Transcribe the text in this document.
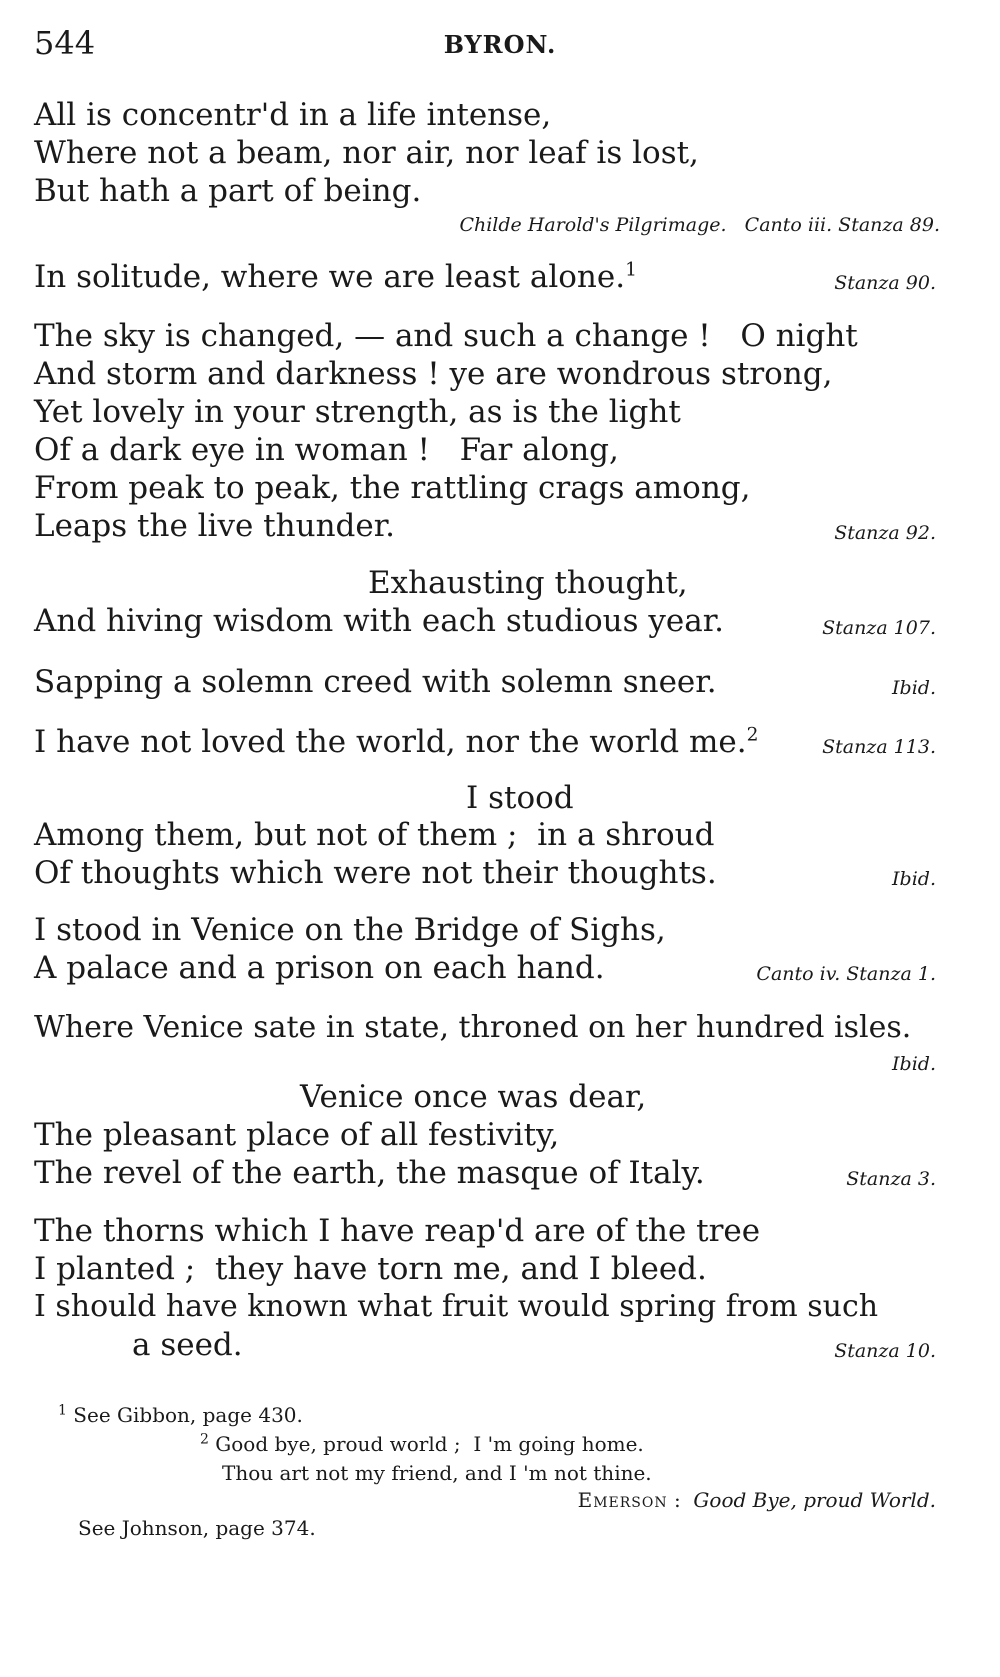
544	BYRON.
All is concentr'd in a life intense,
Where not a beam, nor air, nor leaf is lost,
But hath a part of being.
Childe Harold's Pilgrimage.   Canto iii. Stanza 89.
In solitude, where we are least alone.$^1$
Stanza 90.
The sky is changed, — and such a change !   O night
And storm and darkness ! ye are wondrous strong,
Yet lovely in your strength, as is the light
Of a dark eye in woman !   Far along,
From peak to peak, the rattling crags among,
Leaps the live thunder.	Stanza 92.
Exhausting thought,
And hiving wisdom with each studious year.	Stanza 107.
Sapping a solemn creed with solemn sneer.	Ibid.
I have not loved the world, nor the world me.$^2$
Stanza 113.
I stood
Among them, but not of them ;  in a shroud
Of thoughts which were not their thoughts.	Ibid.
I stood in Venice on the Bridge of Sighs,
A palace and a prison on each hand.	Canto iv. Stanza 1.
Where Venice sate in state, throned on her hundred isles.
Ibid.
Venice once was dear,
The pleasant place of all festivity,
The revel of the earth, the masque of Italy.	Stanza 3.
The thorns which I have reap'd are of the tree
I planted ;  they have torn me, and I bleed.
I should have known what fruit would spring from such
a seed.	Stanza 10.
$^1$ See Gibbon, page 430.
$^2$ Good bye, proud world ;  I 'm going home.
Thou art not my friend, and I 'm not thine.
Emerson :  Good Bye, proud World.
See Johnson, page 374.
